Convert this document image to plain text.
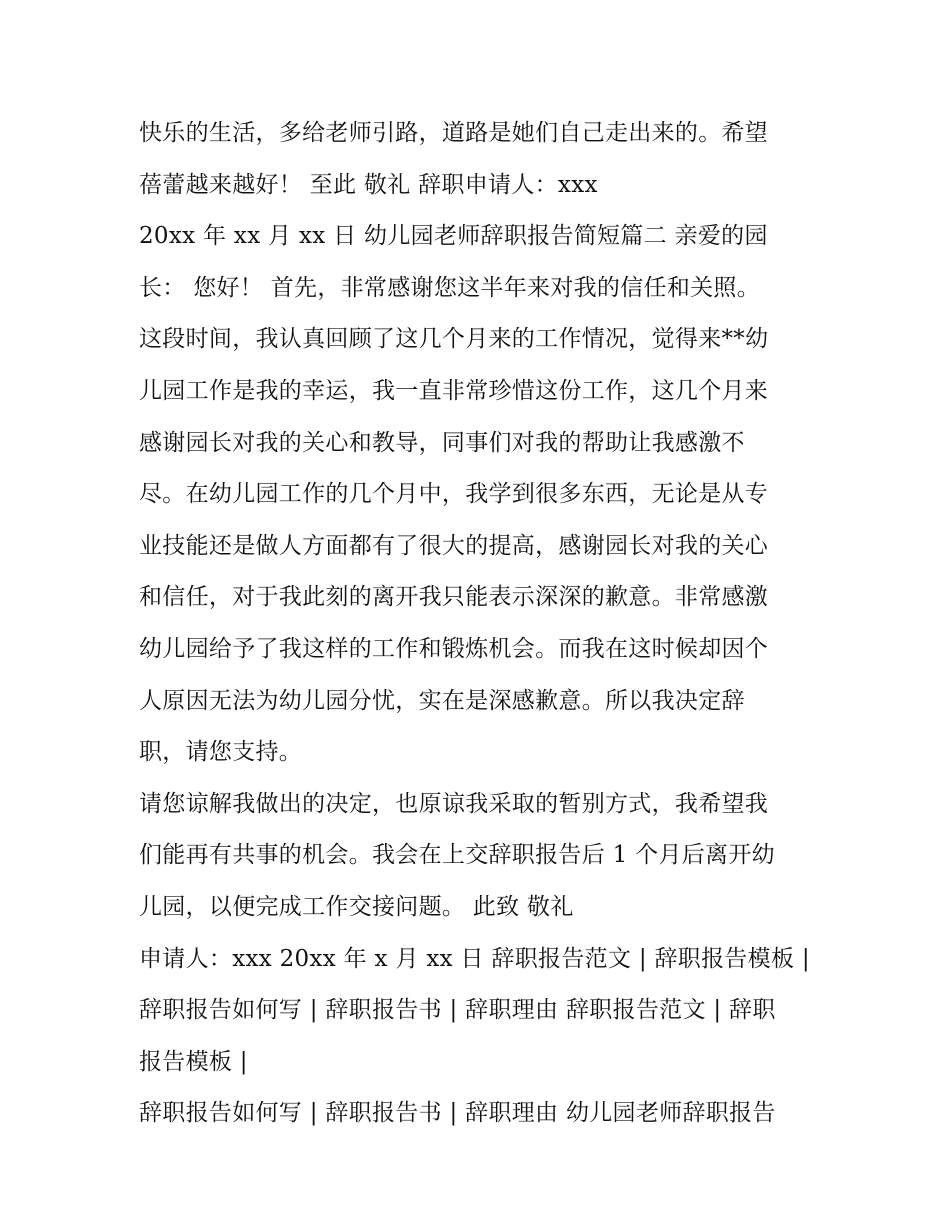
快乐的生活，多给老师引路，道路是她们自己走出来的。希望
蓓蕾越来越好！ 至此 敬礼 辞职申请人：xxx
20xx 年 xx 月 xx 日 幼儿园老师辞职报告简短篇二 亲爱的园
长： 您好！ 首先，非常感谢您这半年来对我的信任和关照。
这段时间，我认真回顾了这几个月来的工作情况，觉得来**幼
儿园工作是我的幸运，我一直非常珍惜这份工作，这几个月来
感谢园长对我的关心和教导，同事们对我的帮助让我感激不
尽。在幼儿园工作的几个月中，我学到很多东西，无论是从专
业技能还是做人方面都有了很大的提高，感谢园长对我的关心
和信任，对于我此刻的离开我只能表示深深的歉意。非常感激
幼儿园给予了我这样的工作和锻炼机会。而我在这时候却因个
人原因无法为幼儿园分忧，实在是深感歉意。所以我决定辞
职，请您支持。
请您谅解我做出的决定，也原谅我采取的暂别方式，我希望我
们能再有共事的机会。我会在上交辞职报告后 1 个月后离开幼
儿园，以便完成工作交接问题。 此致 敬礼
申请人：xxx 20xx 年 x 月 xx 日 辞职报告范文 | 辞职报告模板 |
辞职报告如何写 | 辞职报告书 | 辞职理由 辞职报告范文 | 辞职
报告模板 |
辞职报告如何写 | 辞职报告书 | 辞职理由 幼儿园老师辞职报告
